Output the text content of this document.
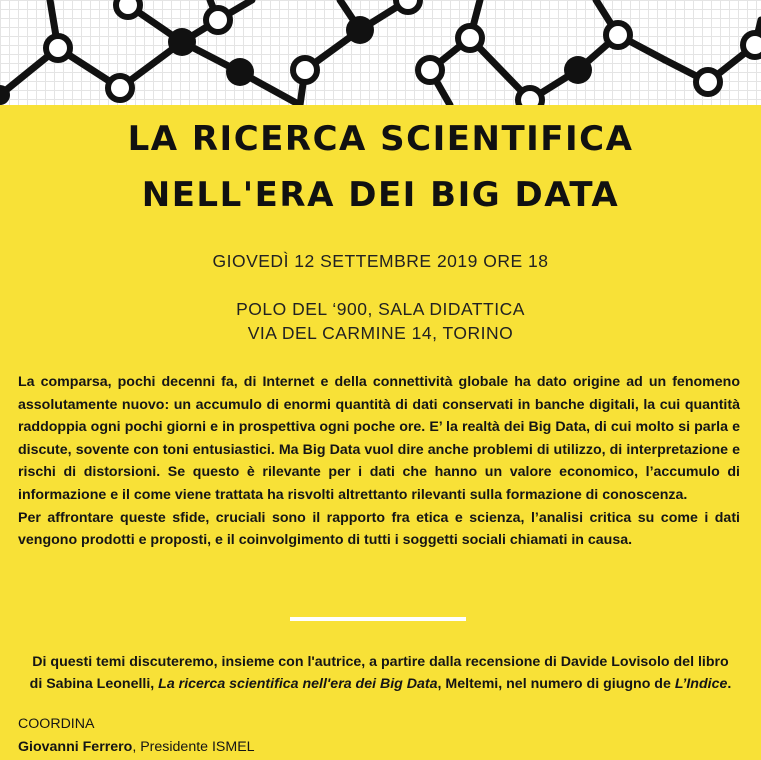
LA RICERCA SCIENTIFICA
NELL'ERA DEI BIG DATA
GIOVEDÌ 12 SETTEMBRE 2019 ORE 18
POLO DEL ‘900, SALA DIDATTICA
VIA DEL CARMINE 14, TORINO

La comparsa, pochi decenni fa, di Internet e della connettività globale ha dato origine ad un fenomeno assolutamente nuovo: un accumulo di enormi quantità di dati conservati in banche digitali, la cui quantità raddoppia ogni pochi giorni e in prospettiva ogni poche ore. E’ la realtà dei Big Data, di cui molto si parla e discute, sovente con toni entusiastici. Ma Big Data vuol dire anche problemi di utilizzo, di interpretazione e rischi di distorsioni. Se questo è rilevante per i dati che hanno un valore economico, l’accumulo di informazione e il come viene trattata ha risvolti altrettanto rilevanti sulla formazione di conoscenza.

Per affrontare queste sfide, cruciali sono il rapporto fra etica e scienza, l’analisi critica su come i dati vengono prodotti e proposti, e il coinvolgimento di tutti i soggetti sociali chiamati in causa.

Di questi temi discuteremo, insieme con l'autrice, a partire dalla recensione di Davide Lovisolo del libro
di Sabina Leonelli, La ricerca scientifica nell'era dei Big Data, Meltemi, nel numero di giugno de L’Indice.
COORDINA
Giovanni Ferrero, Presidente ISMEL
